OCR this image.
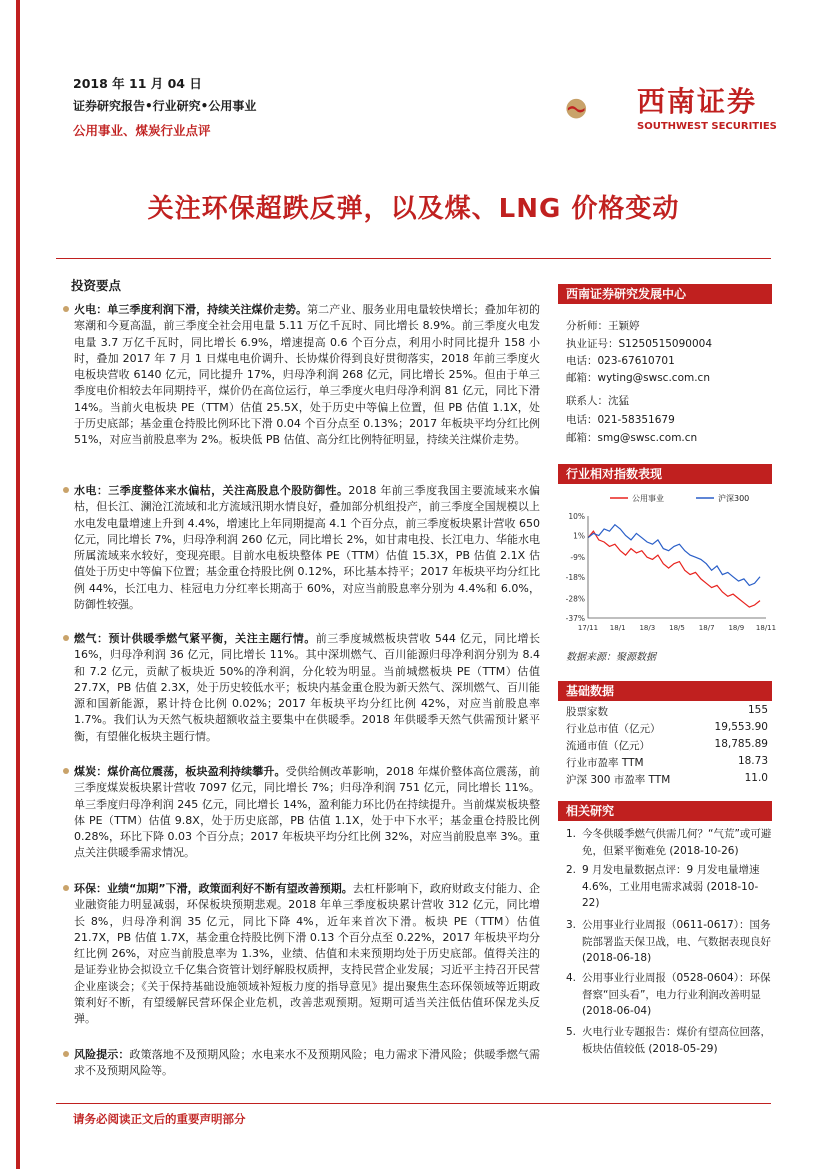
2018 年 11 月 04 日
证券研究报告•行业研究•公用事业
公用事业、煤炭行业点评
西南证券
SOUTHWEST SECURITIES
关注环保超跌反弹，以及煤、LNG 价格变动
投资要点
火电：单三季度利润下滑，持续关注煤价走势。第二产业、服务业用电量较快增长；叠加年初的寒潮和今夏高温，前三季度全社会用电量 5.11 万亿千瓦时、同比增长 8.9%。前三季度火电发电量 3.7 万亿千瓦时，同比增长 6.9%，增速提高 0.6 个百分点，利用小时同比提升 158 小时，叠加 2017 年 7 月 1 日煤电电价调升、长协煤价得到良好贯彻落实，2018 年前三季度火电板块营收 6140 亿元，同比提升 17%，归母净利润 268 亿元，同比增长 25%。但由于单三季度电价相较去年同期持平，煤价仍在高位运行，单三季度火电归母净利润 81 亿元，同比下滑 14%。当前火电板块 PE（TTM）估值 25.5X，处于历史中等偏上位置，但 PB 估值 1.1X，处于历史底部；基金重仓持股比例环比下滑 0.04 个百分点至 0.13%；2017 年板块平均分红比例 51%，对应当前股息率为 2%。板块低 PB 估值、高分红比例特征明显，持续关注煤价走势。
水电：三季度整体来水偏枯，关注高股息个股防御性。2018 年前三季度我国主要流域来水偏枯，但长江、澜沧江流域和北方流域汛期水情良好，叠加部分机组投产，前三季度全国规模以上水电发电量增速上升到 4.4%，增速比上年同期提高 4.1 个百分点，前三季度板块累计营收 650 亿元，同比增长 7%，归母净利润 260 亿元，同比增长 2%，如甘肃电投、长江电力、华能水电所属流域来水较好，变现亮眼。目前水电板块整体 PE（TTM）估值 15.3X，PB 估值 2.1X 估值处于历史中等偏下位置；基金重仓持股比例 0.12%，环比基本持平；2017 年板块平均分红比例 44%，长江电力、桂冠电力分红率长期高于 60%，对应当前股息率分别为 4.4%和 6.0%，防御性较强。
燃气：预计供暖季燃气紧平衡，关注主题行情。前三季度城燃板块营收 544 亿元，同比增长 16%，归母净利润 36 亿元，同比增长 11%。其中深圳燃气、百川能源归母净利润分别为 8.4 和 7.2 亿元，贡献了板块近 50%的净利润，分化较为明显。当前城燃板块 PE（TTM）估值 27.7X，PB 估值 2.3X，处于历史较低水平；板块内基金重仓股为新天然气、深圳燃气、百川能源和国新能源，累计持仓比例 0.02%；2017 年板块平均分红比例 42%，对应当前股息率 1.7%。我们认为天然气板块超额收益主要集中在供暖季。2018 年供暖季天然气供需预计紧平衡，有望催化板块主题行情。
煤炭：煤价高位震荡，板块盈利持续攀升。受供给侧改革影响，2018 年煤价整体高位震荡，前三季度煤炭板块累计营收 7097 亿元，同比增长 7%；归母净利润 751 亿元，同比增长 11%。单三季度归母净利润 245 亿元，同比增长 14%，盈利能力环比仍在持续提升。当前煤炭板块整体 PE（TTM）估值 9.8X，处于历史底部，PB 估值 1.1X，处于中下水平；基金重仓持股比例 0.28%，环比下降 0.03 个百分点；2017 年板块平均分红比例 32%，对应当前股息率 3%。重点关注供暖季需求情况。
环保：业绩“加期”下滑，政策面利好不断有望改善预期。去杠杆影响下，政府财政支付能力、企业融资能力明显减弱，环保板块预期悲观。2018 年单三季度板块累计营收 312 亿元，同比增长 8%，归母净利润 35 亿元，同比下降 4%，近年来首次下滑。板块 PE（TTM）估值 21.7X，PB 估值 1.7X，基金重仓持股比例下滑 0.13 个百分点至 0.22%，2017 年板块平均分红比例 26%，对应当前股息率为 1.3%，业绩、估值和未来预期均处于历史底部。值得关注的是证券业协会拟设立千亿集合资管计划纾解股权质押，支持民营企业发展；习近平主持召开民营企业座谈会；《关于保持基础设施领域补短板力度的指导意见》提出聚焦生态环保领域等近期政策利好不断，有望缓解民营环保企业危机，改善悲观预期。短期可适当关注低估值环保龙头反弹。
风险提示：政策落地不及预期风险；水电来水不及预期风险；电力需求下滑风险；供暖季燃气需求不及预期风险等。
西南证券研究发展中心
分析师：王颖婷
执业证号：S1250515090004
电话：023-67610701
邮箱：wyting@swsc.com.cn
联系人：沈猛
电话：021-58351679
邮箱：smg@swsc.com.cn
行业相对指数表现
公用事业	沪深300
10%
1%
-9%
-18%
-28%
-37%
17/11 18/1 18/3 18/5 18/7 18/9 18/11
数据来源：聚源数据
基础数据
股票家数	155
行业总市值（亿元）	19,553.90
流通市值（亿元）	18,785.89
行业市盈率 TTM	18.73
沪深 300 市盈率 TTM	11.0
相关研究
1. 今冬供暖季燃气供需几何？“气荒”或可避免，但紧平衡难免 (2018-10-26)
2. 9 月发电量数据点评：9 月发电量增速4.6%，工业用电需求减弱 (2018-10-22)
3. 公用事业行业周报（0611-0617）：国务院部署监天保卫战，电、气数据表现良好 (2018-06-18)
4. 公用事业行业周报（0528-0604）：环保督察“回头看”，电力行业利润改善明显 (2018-06-04)
5. 火电行业专题报告：煤价有望高位回落，板块估值较低 (2018-05-29)
请务必阅读正文后的重要声明部分
